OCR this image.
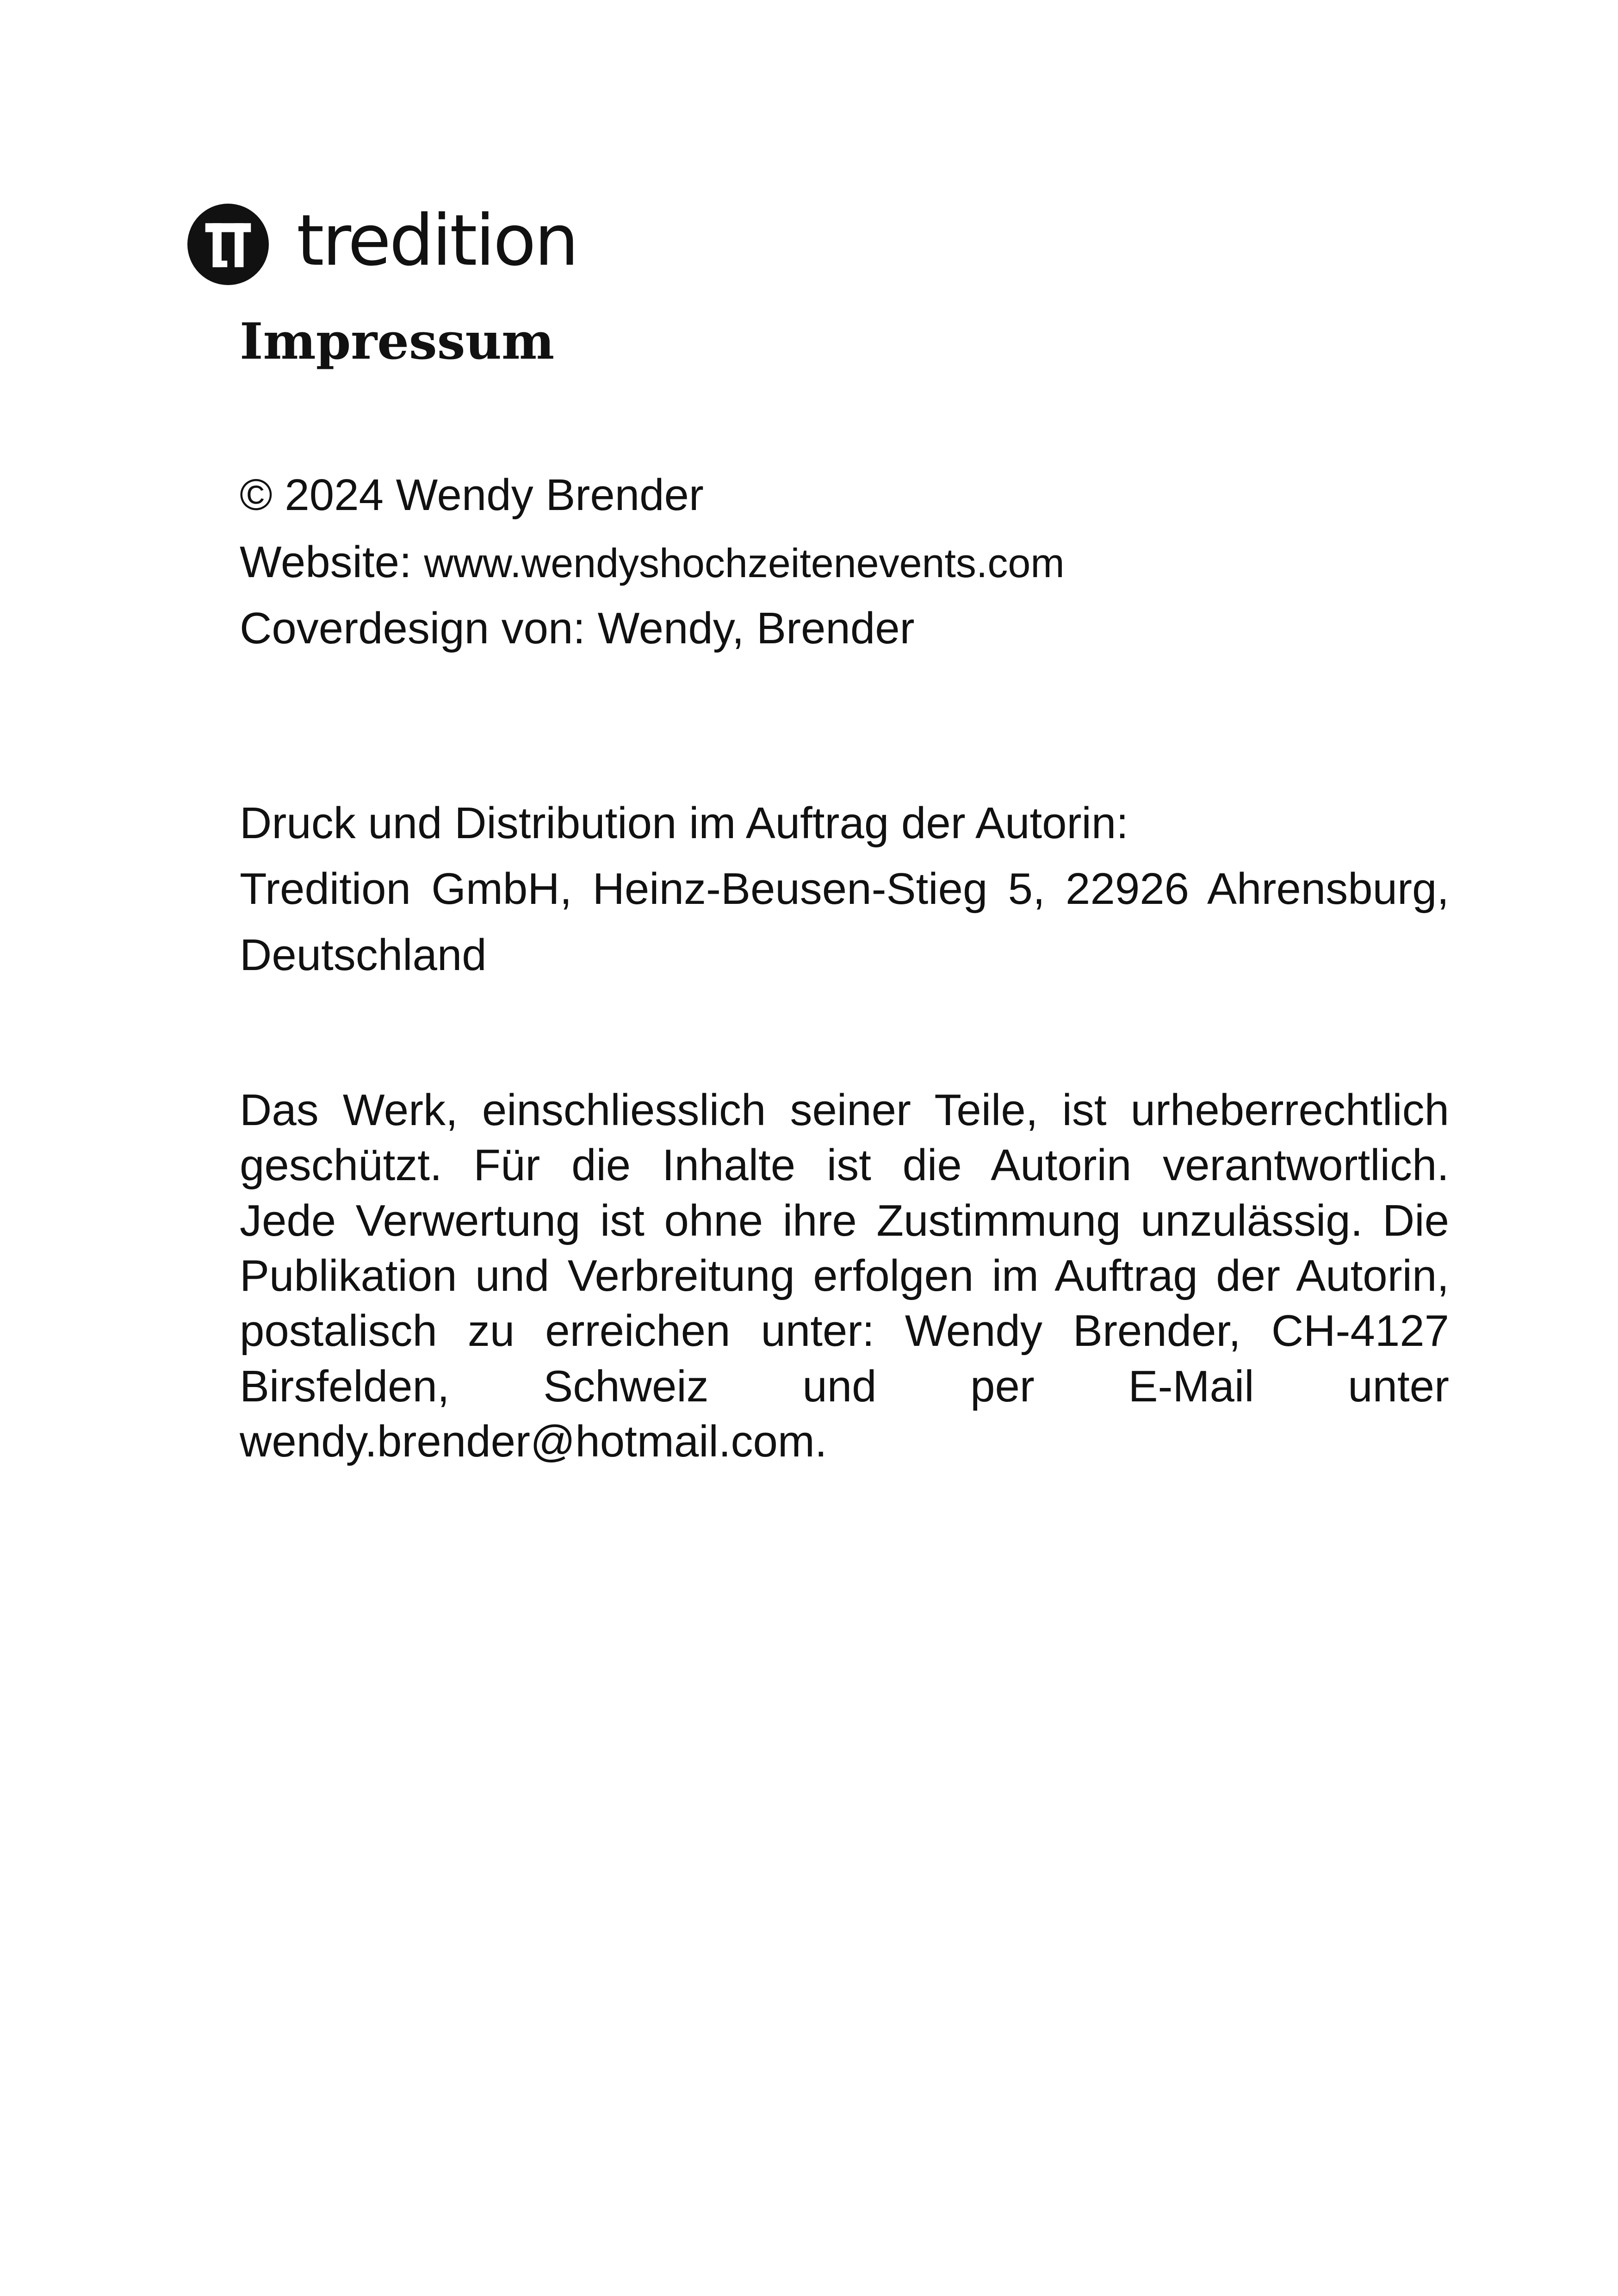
tredition
Impressum

© 2024 Wendy Brender

Website: www.wendyshochzeitenevents.com

Coverdesign von: Wendy, Brender

Druck und Distribution im Auftrag der Autorin:

Tredition GmbH, Heinz-Beusen-Stieg 5, 22926 Ahrensburg,

Deutschland

Das Werk, einschliesslich seiner Teile, ist urheberrechtlich

geschützt. Für die Inhalte ist die Autorin verantwortlich.

Jede Verwertung ist ohne ihre Zustimmung unzulässig. Die

Publikation und Verbreitung erfolgen im Auftrag der Autorin,

postalisch zu erreichen unter: Wendy Brender, CH-4127

Birsfelden, Schweiz und per E-Mail unter

wendy.brender@hotmail.com.
